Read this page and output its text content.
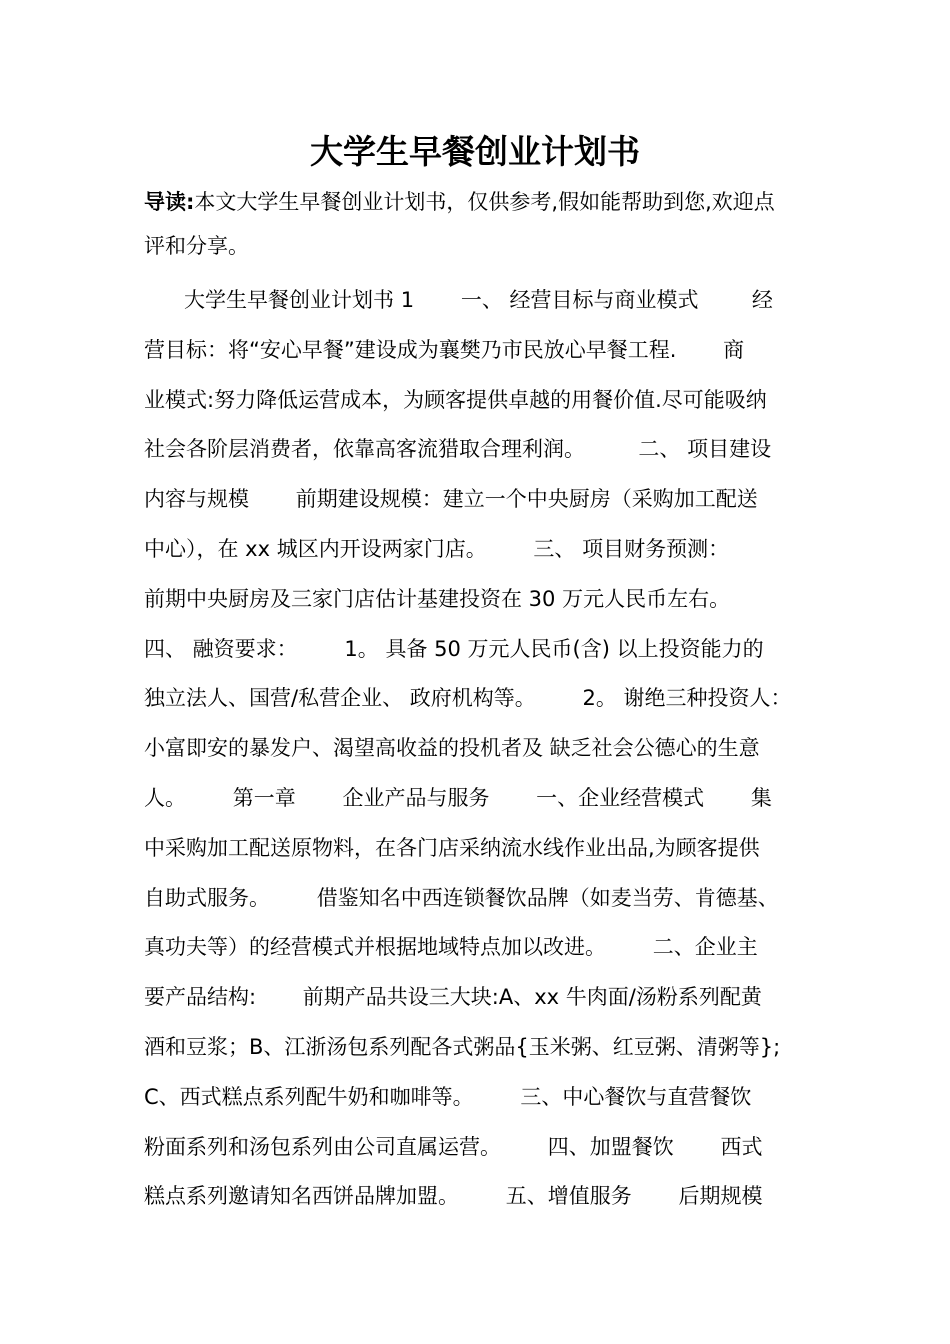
大学生早餐创业计划书
导读:本文大学生早餐创业计划书，仅供参考,假如能帮助到您,欢迎点
评和分享。
大学生早餐创业计划书 1       一、 经营目标与商业模式        经
营目标：将“安心早餐”建设成为襄樊乃市民放心早餐工程.       商
业模式:努力降低运营成本，为顾客提供卓越的用餐价值.尽可能吸纳
社会各阶层消费者，依靠高客流猎取合理利润。        二、 项目建设
内容与规模       前期建设规模：建立一个中央厨房（采购加工配送
中心），在 xx 城区内开设两家门店。       三、 项目财务预测：
前期中央厨房及三家门店估计基建投资在 30 万元人民币左右。
四、 融资要求：       1。 具备 50 万元人民币(含) 以上投资能力的
独立法人、国营/私营企业、 政府机构等。       2。 谢绝三种投资人：
小富即安的暴发户、渴望高收益的投机者及 缺乏社会公德心的生意
人。       第一章       企业产品与服务       一、企业经营模式       集
中采购加工配送原物料，在各门店采纳流水线作业出品,为顾客提供
自助式服务。       借鉴知名中西连锁餐饮品牌（如麦当劳、肯德基、
真功夫等）的经营模式并根据地域特点加以改进。       二、企业主
要产品结构:       前期产品共设三大块:A、xx 牛肉面/汤粉系列配黄
酒和豆浆；B、江浙汤包系列配各式粥品{玉米粥、红豆粥、清粥等};
C、西式糕点系列配牛奶和咖啡等。       三、中心餐饮与直营餐饮
粉面系列和汤包系列由公司直属运营。       四、加盟餐饮       西式
糕点系列邀请知名西饼品牌加盟。       五、增值服务       后期规模
